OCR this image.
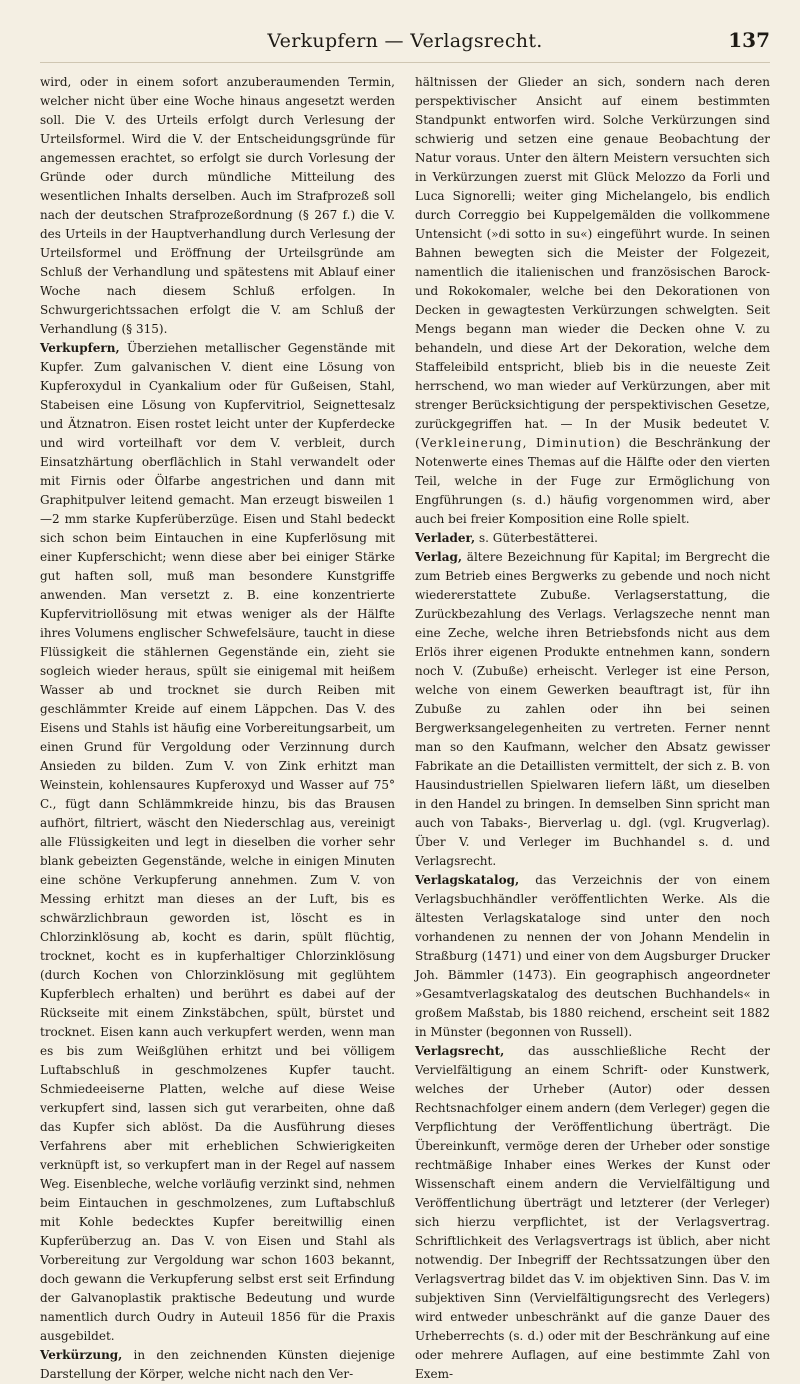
Verkupfern — Verlagsrecht.	137

wird, oder in einem sofort anzuberaumenden Termin, welcher nicht über eine Woche hinaus angesetzt werden soll. Die V. des Urteils erfolgt durch Verlesung der Urteilsformel. Wird die V. der Entscheidungsgründe für angemessen erachtet, so erfolgt sie durch Vorlesung der Gründe oder durch mündliche Mitteilung des wesentlichen Inhalts derselben. Auch im Strafprozeß soll nach der deutschen Strafprozeßordnung (§ 267 f.) die V. des Urteils in der Hauptverhandlung durch Verlesung der Urteilsformel und Eröffnung der Urteilsgründe am Schluß der Verhandlung und spätestens mit Ablauf einer Woche nach diesem Schluß erfolgen. In Schwurgerichtssachen erfolgt die V. am Schluß der Verhandlung (§ 315).

Verkupfern, Überziehen metallischer Gegenstände mit Kupfer. Zum galvanischen V. dient eine Lösung von Kupferoxydul in Cyankalium oder für Gußeisen, Stahl, Stabeisen eine Lösung von Kupfervitriol, Seignettesalz und Ätznatron. Eisen rostet leicht unter der Kupferdecke und wird vorteilhaft vor dem V. verbleit, durch Einsatzhärtung oberflächlich in Stahl verwandelt oder mit Firnis oder Ölfarbe angestrichen und dann mit Graphitpulver leitend gemacht. Man erzeugt bisweilen 1—2 mm starke Kupferüberzüge. Eisen und Stahl bedeckt sich schon beim Eintauchen in eine Kupferlösung mit einer Kupferschicht; wenn diese aber bei einiger Stärke gut haften soll, muß man besondere Kunstgriffe anwenden. Man versetzt z. B. eine konzentrierte Kupfervitriollösung mit etwas weniger als der Hälfte ihres Volumens englischer Schwefelsäure, taucht in diese Flüssigkeit die stählernen Gegenstände ein, zieht sie sogleich wieder heraus, spült sie einigemal mit heißem Wasser ab und trocknet sie durch Reiben mit geschlämmter Kreide auf einem Läppchen. Das V. des Eisens und Stahls ist häufig eine Vorbereitungsarbeit, um einen Grund für Vergoldung oder Verzinnung durch Ansieden zu bilden. Zum V. von Zink erhitzt man Weinstein, kohlensaures Kupferoxyd und Wasser auf 75° C., fügt dann Schlämmkreide hinzu, bis das Brausen aufhört, filtriert, wäscht den Niederschlag aus, vereinigt alle Flüssigkeiten und legt in dieselben die vorher sehr blank gebeizten Gegenstände, welche in einigen Minuten eine schöne Verkupferung annehmen. Zum V. von Messing erhitzt man dieses an der Luft, bis es schwärzlichbraun geworden ist, löscht es in Chlorzinklösung ab, kocht es darin, spült flüchtig, trocknet, kocht es in kupferhaltiger Chlorzinklösung (durch Kochen von Chlorzinklösung mit geglühtem Kupferblech erhalten) und berührt es dabei auf der Rückseite mit einem Zinkstäbchen, spült, bürstet und trocknet. Eisen kann auch verkupfert werden, wenn man es bis zum Weißglühen erhitzt und bei völligem Luftabschluß in geschmolzenes Kupfer taucht. Schmiedeeiserne Platten, welche auf diese Weise verkupfert sind, lassen sich gut verarbeiten, ohne daß das Kupfer sich ablöst. Da die Ausführung dieses Verfahrens aber mit erheblichen Schwierigkeiten verknüpft ist, so verkupfert man in der Regel auf nassem Weg. Eisenbleche, welche vorläufig verzinkt sind, nehmen beim Eintauchen in geschmolzenes, zum Luftabschluß mit Kohle bedecktes Kupfer bereitwillig einen Kupferüberzug an. Das V. von Eisen und Stahl als Vorbereitung zur Vergoldung war schon 1603 bekannt, doch gewann die Verkupferung selbst erst seit Erfindung der Galvanoplastik praktische Bedeutung und wurde namentlich durch Oudry in Auteuil 1856 für die Praxis ausgebildet.

Verkürzung, in den zeichnenden Künsten diejenige Darstellung der Körper, welche nicht nach den Ver-

hältnissen der Glieder an sich, sondern nach deren perspektivischer Ansicht auf einem bestimmten Standpunkt entworfen wird. Solche Verkürzungen sind schwierig und setzen eine genaue Beobachtung der Natur voraus. Unter den ältern Meistern versuchten sich in Verkürzungen zuerst mit Glück Melozzo da Forli und Luca Signorelli; weiter ging Michelangelo, bis endlich durch Correggio bei Kuppelgemälden die vollkommene Untensicht (»di sotto in su«) eingeführt wurde. In seinen Bahnen bewegten sich die Meister der Folgezeit, namentlich die italienischen und französischen Barock- und Rokokomaler, welche bei den Dekorationen von Decken in gewagtesten Verkürzungen schwelgten. Seit Mengs begann man wieder die Decken ohne V. zu behandeln, und diese Art der Dekoration, welche dem Staffeleibild entspricht, blieb bis in die neueste Zeit herrschend, wo man wieder auf Verkürzungen, aber mit strenger Berücksichtigung der perspektivischen Gesetze, zurückgegriffen hat. — In der Musik bedeutet V. (Verkleinerung, Diminution) die Beschränkung der Notenwerte eines Themas auf die Hälfte oder den vierten Teil, welche in der Fuge zur Ermöglichung von Engführungen (s. d.) häufig vorgenommen wird, aber auch bei freier Komposition eine Rolle spielt.

Verlader, s. Güterbestätterei.

Verlag, ältere Bezeichnung für Kapital; im Bergrecht die zum Betrieb eines Bergwerks zu gebende und noch nicht wiedererstattete Zubuße. Verlagserstattung, die Zurückbezahlung des Verlags. Verlagszeche nennt man eine Zeche, welche ihren Betriebsfonds nicht aus dem Erlös ihrer eigenen Produkte entnehmen kann, sondern noch V. (Zubuße) erheischt. Verleger ist eine Person, welche von einem Gewerken beauftragt ist, für ihn Zubuße zu zahlen oder ihn bei seinen Bergwerksangelegenheiten zu vertreten. Ferner nennt man so den Kaufmann, welcher den Absatz gewisser Fabrikate an die Detaillisten vermittelt, der sich z. B. von Hausindustriellen Spielwaren liefern läßt, um dieselben in den Handel zu bringen. In demselben Sinn spricht man auch von Tabaks-, Bierverlag u. dgl. (vgl. Krugverlag). Über V. und Verleger im Buchhandel s. d. und Verlagsrecht.

Verlagskatalog, das Verzeichnis der von einem Verlagsbuchhändler veröffentlichten Werke. Als die ältesten Verlagskataloge sind unter den noch vorhandenen zu nennen der von Johann Mendelin in Straßburg (1471) und einer von dem Augsburger Drucker Joh. Bämmler (1473). Ein geographisch angeordneter »Gesamtverlagskatalog des deutschen Buchhandels« in großem Maßstab, bis 1880 reichend, erscheint seit 1882 in Münster (begonnen von Russell).

Verlagsrecht, das ausschließliche Recht der Vervielfältigung an einem Schrift- oder Kunstwerk, welches der Urheber (Autor) oder dessen Rechtsnachfolger einem andern (dem Verleger) gegen die Verpflichtung der Veröffentlichung überträgt. Die Übereinkunft, vermöge deren der Urheber oder sonstige rechtmäßige Inhaber eines Werkes der Kunst oder Wissenschaft einem andern die Vervielfältigung und Veröffentlichung überträgt und letzterer (der Verleger) sich hierzu verpflichtet, ist der Verlagsvertrag. Schriftlichkeit des Verlagsvertrags ist üblich, aber nicht notwendig. Der Inbegriff der Rechtssatzungen über den Verlagsvertrag bildet das V. im objektiven Sinn. Das V. im subjektiven Sinn (Vervielfältigungsrecht des Verlegers) wird entweder unbeschränkt auf die ganze Dauer des Urheberrechts (s. d.) oder mit der Beschränkung auf eine oder mehrere Auflagen, auf eine bestimmte Zahl von Exem-
